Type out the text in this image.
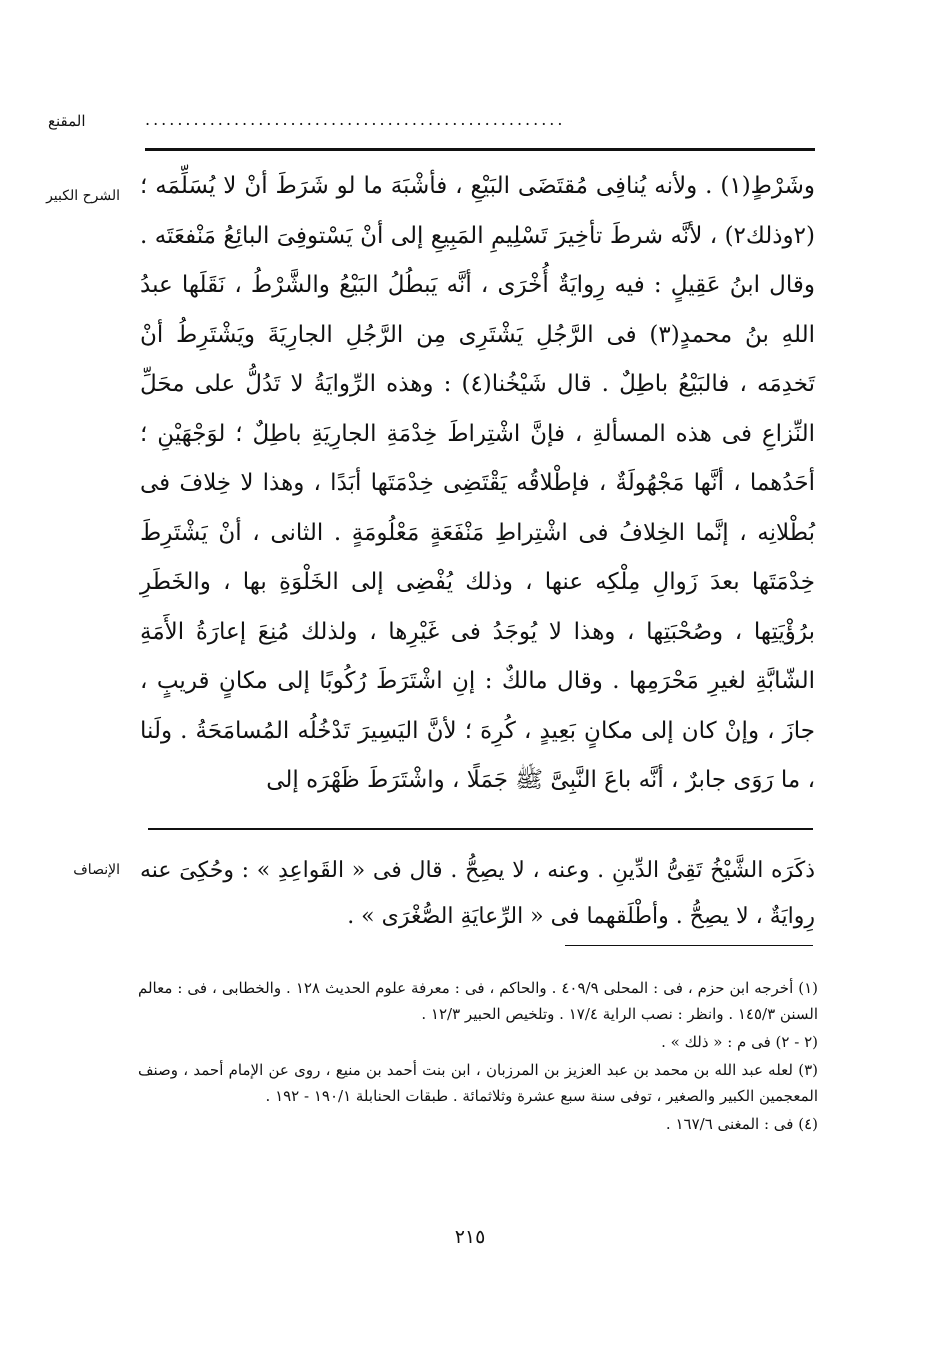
المقنع	....................................................
الشرح الكبير وشَرْطٍ(١) . ولأنه يُنافِى مُقتَضَى البَيْعِ ، فأشْبَهَ ما لو شَرَطَ أنْ لا يُسَلِّمَه ؛ (٢وذلك٢) ، لأنَّه شرطَ تأخِيرَ تَسْلِيمِ المَبِيعِ إلى أنْ يَسْتوفِىَ البائِعُ مَنْفعَتَه . وقال ابنُ عَقِيلٍ : فيه رِوايَةٌ أُخْرَى ، أنَّه يَبطُلُ البَيْعُ والشَّرْطُ ، نَقَلَها عبدُ اللهِ بنُ محمدٍ(٣) فى الرَّجُلِ يَشْتَرِى مِن الرَّجُلِ الجارِيَةَ ويَشْتَرِطُ أنْ تَخدِمَه ، فالبَيْعُ باطِلٌ . قال شَيْخُنا(٤) : وهذه الرِّوايَةُ لا تَدُلُّ على محَلِّ النِّزاعِ فى هذه المسألةِ ، فإنَّ اشْتِراطَ خِدْمَةِ الجارِيَةِ باطِلٌ ؛ لوَجْهَيْنِ ؛ أحَدُهما ، أنَّها مَجْهُولَةٌ ، فإطْلاقُه يَقْتَضِى خِدْمَتَها أبَدًا ، وهذا لا خِلافَ فى بُطْلانِه ، إنَّما الخِلافُ فى اشْتِراطِ مَنْفَعَةٍ مَعْلُومَةٍ . الثانى ، أنْ يَشْتَرِطَ خِدْمَتَها بعدَ زَوالِ مِلْكِه عنها ، وذلك يُفْضِى إلى الخَلْوَةِ بها ، والخَطَرِ برُؤْيَتِها ، وصُحْبَتِها ، وهذا لا يُوجَدُ فى غَيْرِها ، ولذلك مُنِعَ إعارَةُ الأَمَةِ الشّابَّةِ لغيرِ مَحْرَمِها . وقال مالكٌ : إنِ اشْتَرَطَ رُكُوبًا إلى مكانٍ قريبٍ ، جازَ ، وإنْ كان إلى مكانٍ بَعِيدٍ ، كُرِهَ ؛ لأنَّ اليَسِيرَ تَدْخُلُه المُسامَحَةُ . ولَنا ، ما رَوَى جابرٌ ، أنَّه باعَ النَّبِىَّ ﷺ جَمَلًا ، واشْتَرَطَ ظَهْرَه إلى

الإنصاف ذكَرَه الشَّيْخُ تَقِىُّ الدِّينِ . وعنه ، لا يصِحُّ . قال فى « القَواعِدِ » : وحُكِىَ عنه رِوايَةٌ ، لا يصِحُّ . وأطْلَقهما فى « الرِّعايَةِ الصُّغْرَى » .

(١) أخرجه ابن حزم ، فى : المحلى ٤٠٩/٩ . والحاكم ، فى : معرفة علوم الحديث ١٢٨ . والخطابى ، فى : معالم السنن ١٤٥/٣ . وانظر : نصب الراية ١٧/٤ . وتلخيص الحبير ١٢/٣ .

(٢ - ٢) فى م : « ذلك » .

(٣) لعله عبد الله بن محمد بن عبد العزيز بن المرزبان ، ابن بنت أحمد بن منيع ، روى عن الإمام أحمد ، وصنف المعجمين الكبير والصغير ، توفى سنة سبع عشرة وثلاثمائة . طبقات الحنابلة ١٩٠/١ - ١٩٢ .

(٤) فى : المغنى ١٦٧/٦ .

٢١٥
